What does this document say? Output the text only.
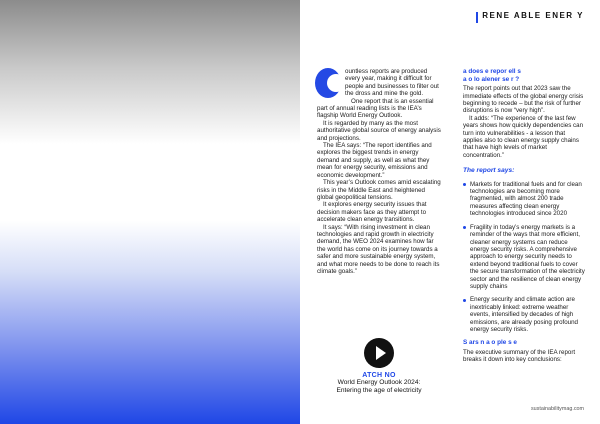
RENE ABLE ENER Y

ountless reports are produced every year, making it difficult for people and businesses to filter out the dross and mine the gold.

One report that is an essential part of annual reading lists is the IEA’s flagship World Energy Outlook.

It is regarded by many as the most authoritative global source of energy analysis and projections.

The IEA says: “The report identifies and explores the biggest trends in energy demand and supply, as well as what they mean for energy security, emissions and economic development.”

This year’s Outlook comes amid escalating risks in the Middle East and heightened global geopolitical tensions.

It explores energy security issues that decision makers face as they attempt to accelerate clean energy transitions.

It says: “With rising investment in clean technologies and rapid growth in electricity demand, the WEO 2024 examines how far the world has come on its journey towards a safer and more sustainable energy system, and what more needs to be done to reach its climate goals.”

ATCH NO
World Energy Outlook 2024:
Entering the age of electricity
a does e repor ell s
a o lo alener se r ?

The report points out that 2023 saw the immediate effects of the global energy crisis beginning to recede – but the risk of further disruptions is now “very high”.

It adds: “The experience of the last few years shows how quickly dependencies can turn into vulnerabilities - a lesson that applies also to clean energy supply chains that have high levels of market concentration.”

The report says:
Markets for traditional fuels and for clean technologies are becoming more fragmented, with almost 200 trade measures affecting clean energy technologies introduced since 2020
Fragility in today’s energy markets is a reminder of the ways that more efficient, cleaner energy systems can reduce energy security risks. A comprehensive approach to energy security needs to extend beyond traditional fuels to cover the secure transformation of the electricity sector and the resilience of clean energy supply chains
Energy security and climate action are inextricably linked: extreme weather events, intensified by decades of high emissions, are already posing profound energy security risks.
S ars n a o ple s e

The executive summary of the IEA report breaks it down into key conclusions:

sustainabilitymag.com
